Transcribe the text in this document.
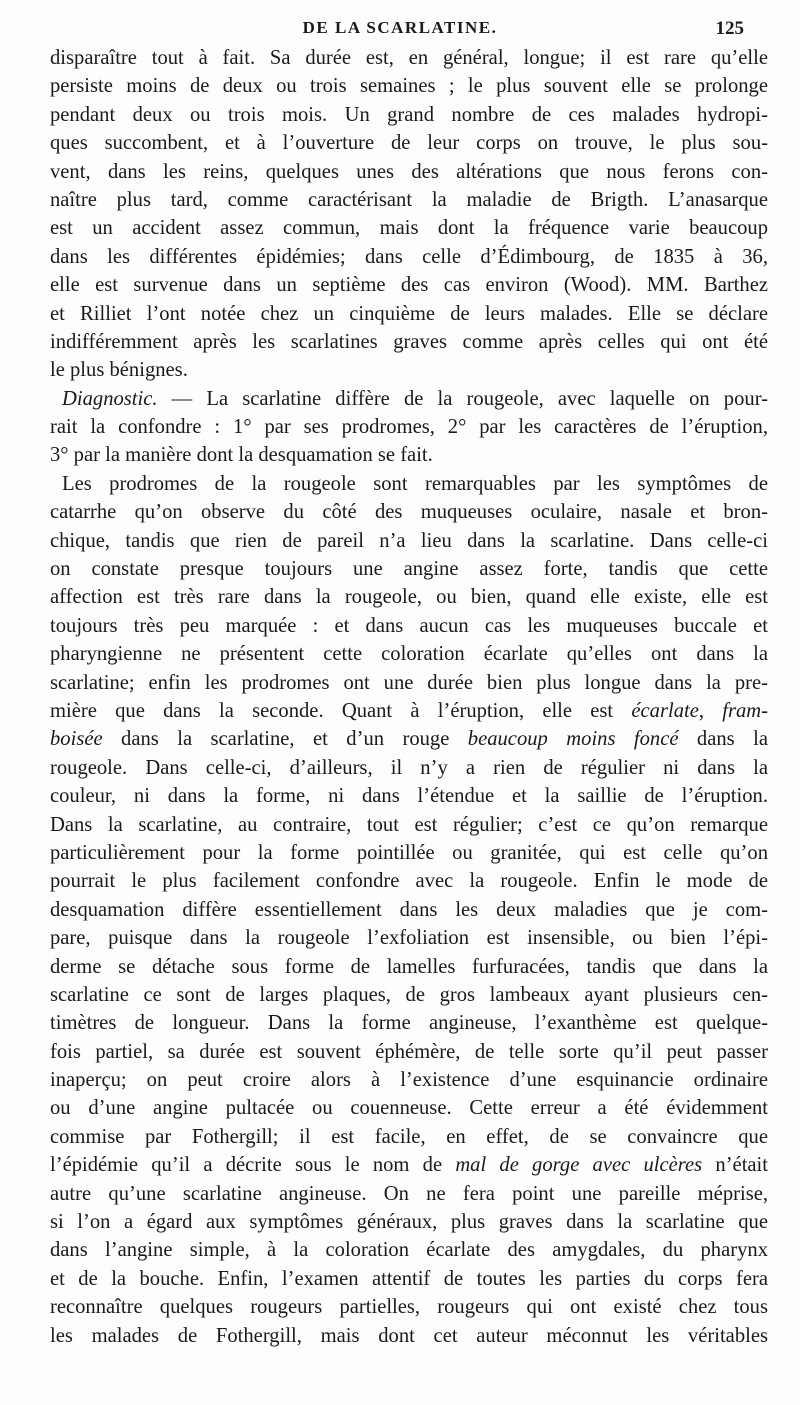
DE LA SCARLATINE.	125
disparaître tout à fait. Sa durée est, en général, longue; il est rare qu’elle
persiste moins de deux ou trois semaines ; le plus souvent elle se prolonge
pendant deux ou trois mois. Un grand nombre de ces malades hydropi-
ques succombent, et à l’ouverture de leur corps on trouve, le plus sou-
vent, dans les reins, quelques unes des altérations que nous ferons con-
naître plus tard, comme caractérisant la maladie de Brigth. L’anasarque
est un accident assez commun, mais dont la fréquence varie beaucoup
dans les différentes épidémies; dans celle d’Édimbourg, de 1835 à 36,
elle est survenue dans un septième des cas environ (Wood). MM. Barthez
et Rilliet l’ont notée chez un cinquième de leurs malades. Elle se déclare
indifféremment après les scarlatines graves comme après celles qui ont été
le plus bénignes.
Diagnostic. — La scarlatine diffère de la rougeole, avec laquelle on pour-
rait la confondre : 1° par ses prodromes, 2° par les caractères de l’éruption,
3° par la manière dont la desquamation se fait.
Les prodromes de la rougeole sont remarquables par les symptômes de
catarrhe qu’on observe du côté des muqueuses oculaire, nasale et bron-
chique, tandis que rien de pareil n’a lieu dans la scarlatine. Dans celle-ci
on constate presque toujours une angine assez forte, tandis que cette
affection est très rare dans la rougeole, ou bien, quand elle existe, elle est
toujours très peu marquée : et dans aucun cas les muqueuses buccale et
pharyngienne ne présentent cette coloration écarlate qu’elles ont dans la
scarlatine; enfin les prodromes ont une durée bien plus longue dans la pre-
mière que dans la seconde. Quant à l’éruption, elle est écarlate, fram-
boisée dans la scarlatine, et d’un rouge beaucoup moins foncé dans la
rougeole. Dans celle-ci, d’ailleurs, il n’y a rien de régulier ni dans la
couleur, ni dans la forme, ni dans l’étendue et la saillie de l’éruption.
Dans la scarlatine, au contraire, tout est régulier; c’est ce qu’on remarque
particulièrement pour la forme pointillée ou granitée, qui est celle qu’on
pourrait le plus facilement confondre avec la rougeole. Enfin le mode de
desquamation diffère essentiellement dans les deux maladies que je com-
pare, puisque dans la rougeole l’exfoliation est insensible, ou bien l’épi-
derme se détache sous forme de lamelles furfuracées, tandis que dans la
scarlatine ce sont de larges plaques, de gros lambeaux ayant plusieurs cen-
timètres de longueur. Dans la forme angineuse, l’exanthème est quelque-
fois partiel, sa durée est souvent éphémère, de telle sorte qu’il peut passer
inaperçu; on peut croire alors à l’existence d’une esquinancie ordinaire
ou d’une angine pultacée ou couenneuse. Cette erreur a été évidemment
commise par Fothergill; il est facile, en effet, de se convaincre que
l’épidémie qu’il a décrite sous le nom de mal de gorge avec ulcères n’était
autre qu’une scarlatine angineuse. On ne fera point une pareille méprise,
si l’on a égard aux symptômes généraux, plus graves dans la scarlatine que
dans l’angine simple, à la coloration écarlate des amygdales, du pharynx
et de la bouche. Enfin, l’examen attentif de toutes les parties du corps fera
reconnaître quelques rougeurs partielles, rougeurs qui ont existé chez tous
les malades de Fothergill, mais dont cet auteur méconnut les véritables
